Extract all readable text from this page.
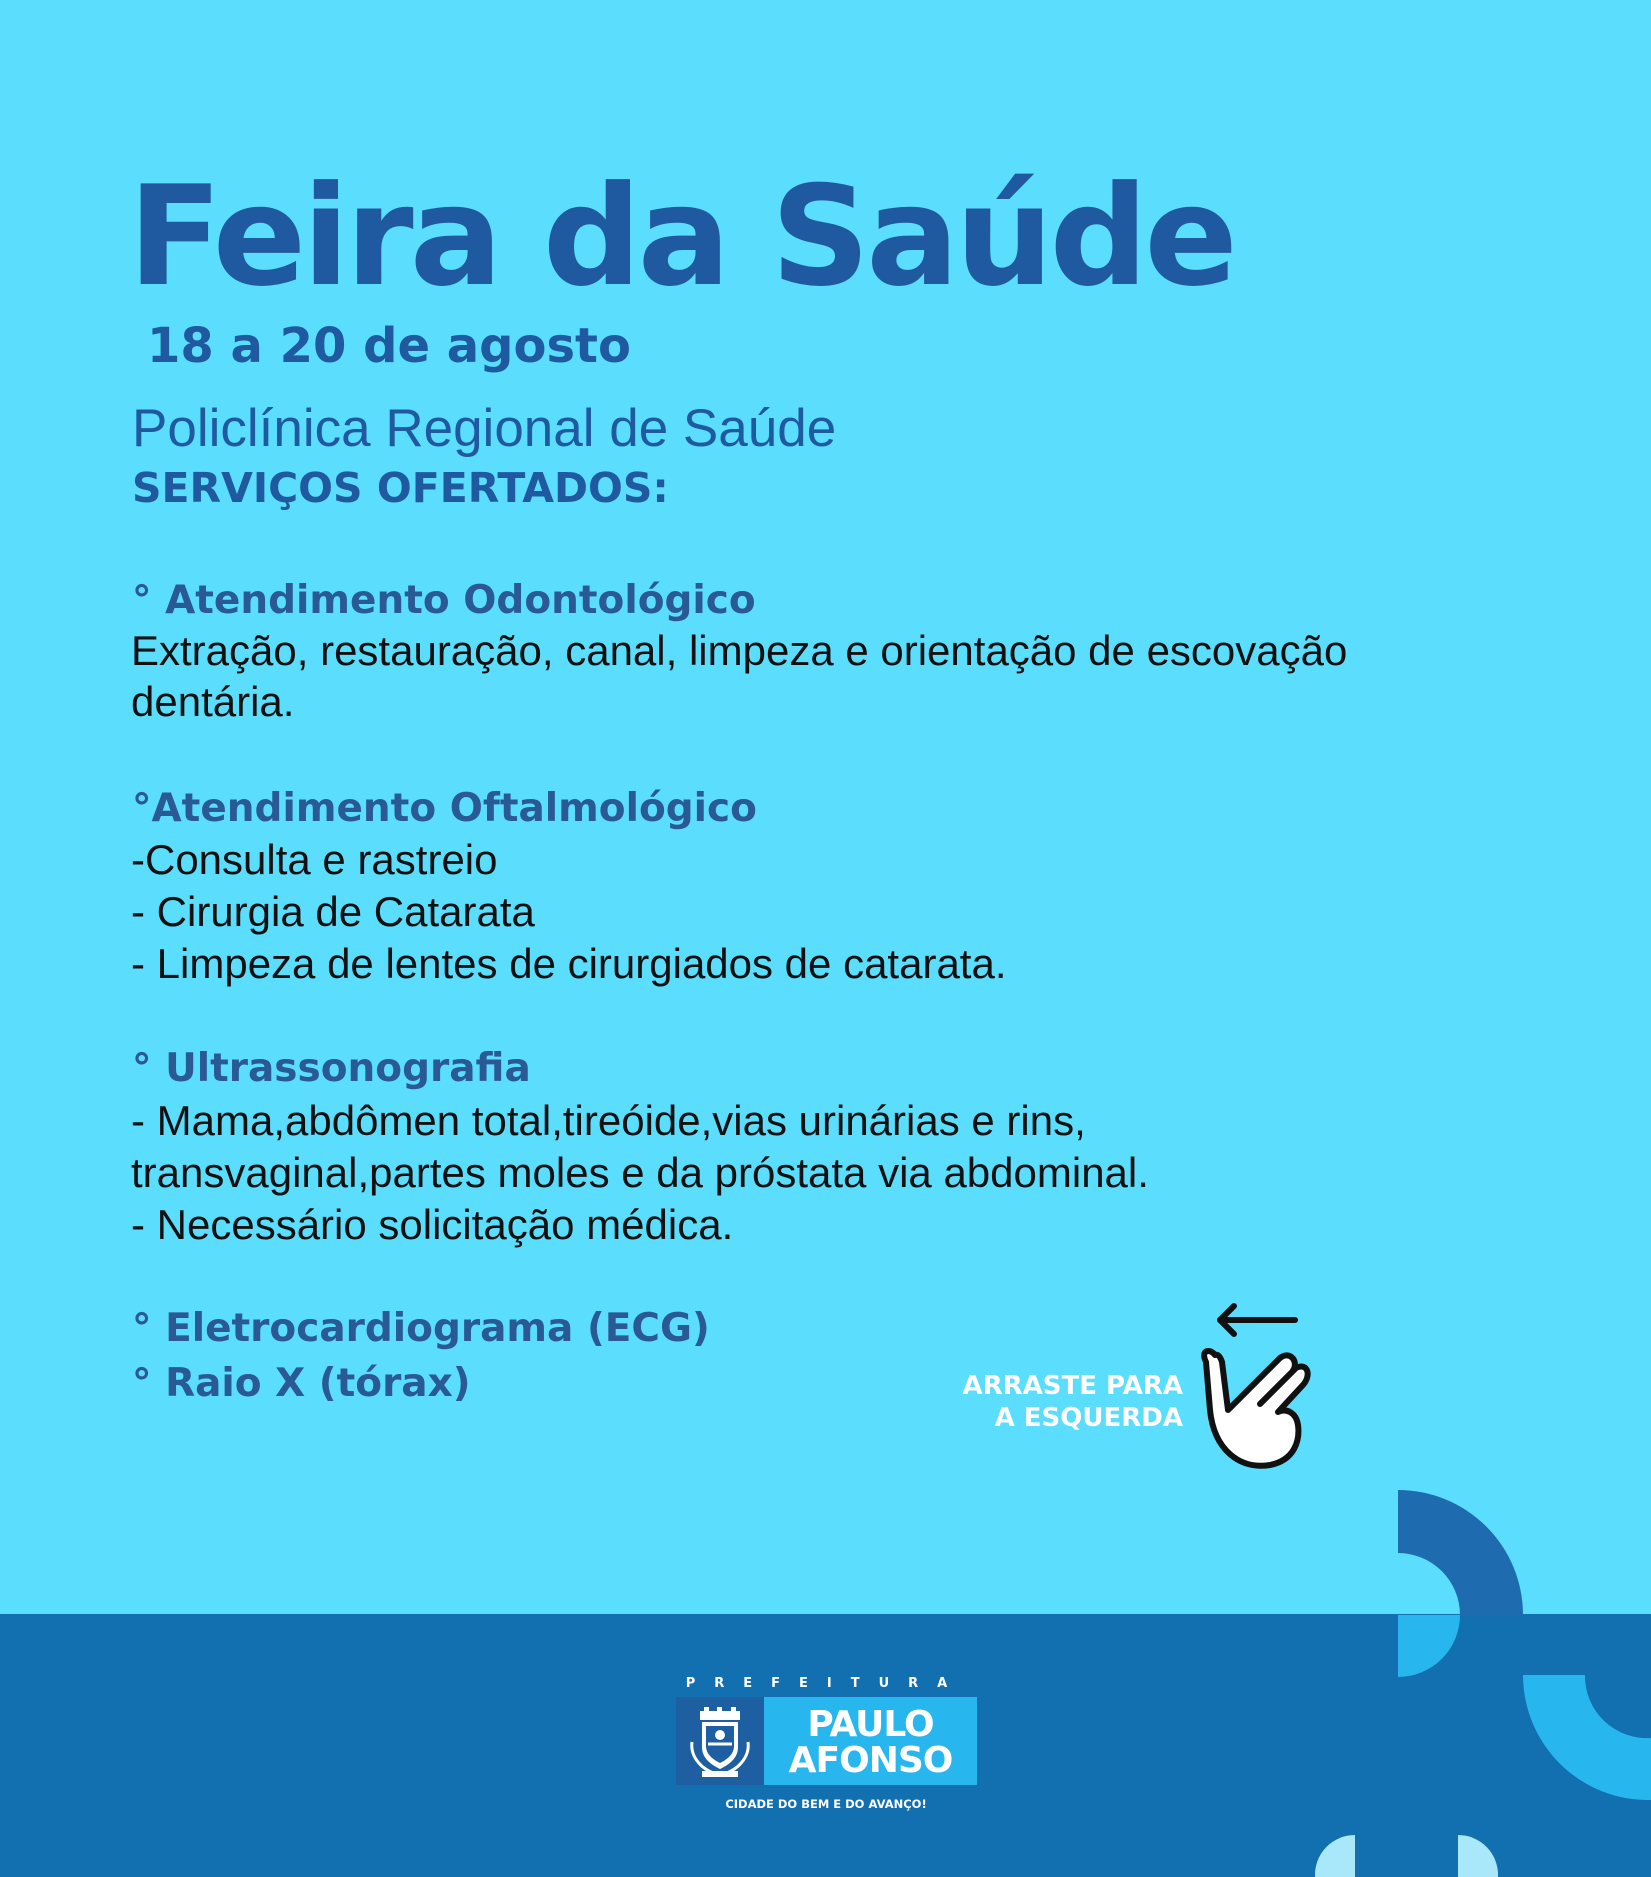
Feira da Saúde
18 a 20 de agosto
Policlínica Regional de Saúde
SERVIÇOS OFERTADOS:
° Atendimento Odontológico
Extração, restauração, canal, limpeza e orientação de escovação
dentária.
°Atendimento Oftalmológico
-Consulta e rastreio
- Cirurgia de Catarata
- Limpeza de lentes de cirurgiados de catarata.
° Ultrassonografia
- Mama,abdômen total,tireóide,vias urinárias e rins,
transvaginal,partes moles e da próstata via abdominal.
- Necessário solicitação médica.
° Eletrocardiograma (ECG)
° Raio X (tórax)	ARRASTE PARA
A ESQUERDA
PREFEITURA
PAULO
AFONSO
CIDADE DO BEM E DO AVANÇO!
